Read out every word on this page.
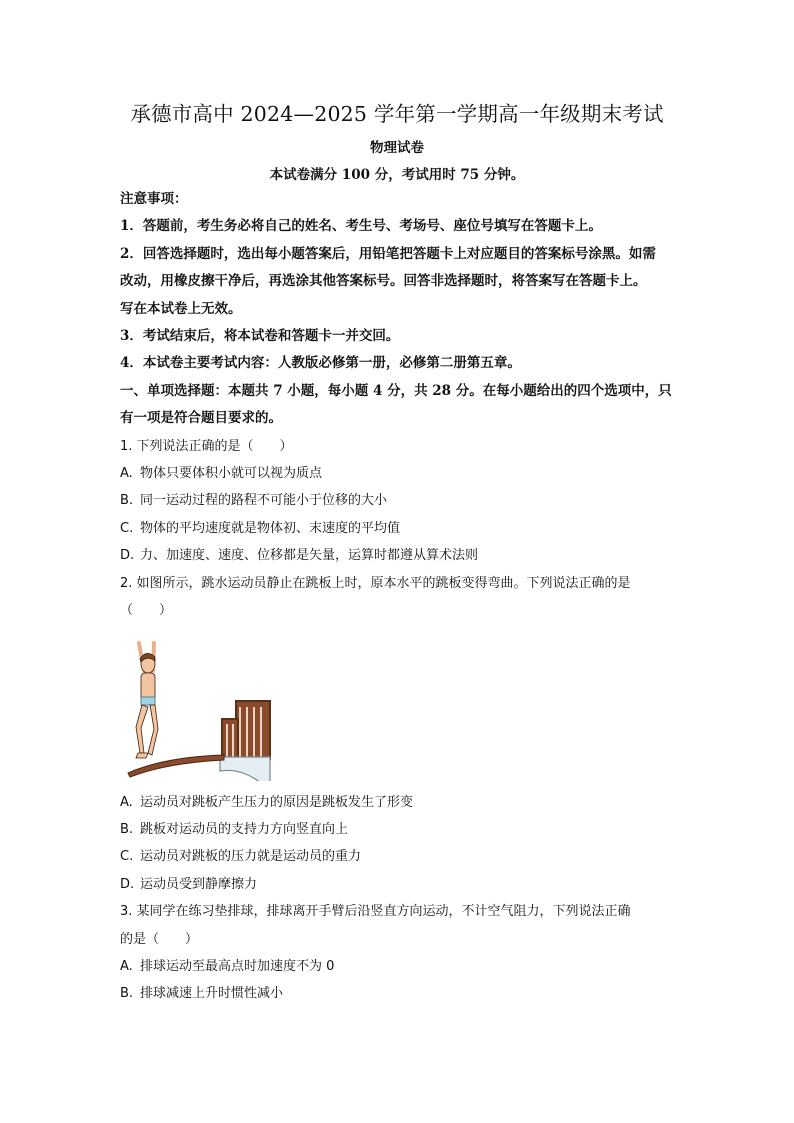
承德市高中 2024—2025 学年第一学期高一年级期末考试
物理试卷
本试卷满分 100 分，考试用时 75 分钟。
注意事项：
1．答题前，考生务必将自己的姓名、考生号、考场号、座位号填写在答题卡上。
2．回答选择题时，选出每小题答案后，用铅笔把答题卡上对应题目的答案标号涂黑。如需
改动，用橡皮擦干净后，再选涂其他答案标号。回答非选择题时，将答案写在答题卡上。
写在本试卷上无效。
3．考试结束后，将本试卷和答题卡一并交回。
4．本试卷主要考试内容：人教版必修第一册，必修第二册第五章。
一、单项选择题：本题共 7 小题，每小题 4 分，共 28 分。在每小题给出的四个选项中，只
有一项是符合题目要求的。
1. 下列说法正确的是（　　）
A. 物体只要体积小就可以视为质点
B. 同一运动过程的路程不可能小于位移的大小
C. 物体的平均速度就是物体初、末速度的平均值
D. 力、加速度、速度、位移都是矢量，运算时都遵从算术法则
2. 如图所示，跳水运动员静止在跳板上时，原本水平的跳板变得弯曲。下列说法正确的是
（　　）
A. 运动员对跳板产生压力的原因是跳板发生了形变
B. 跳板对运动员的支持力方向竖直向上
C. 运动员对跳板的压力就是运动员的重力
D. 运动员受到静摩擦力
3. 某同学在练习垫排球，排球离开手臂后沿竖直方向运动，不计空气阻力，下列说法正确
的是（　　）
A. 排球运动至最高点时加速度不为 0
B. 排球减速上升时惯性减小
